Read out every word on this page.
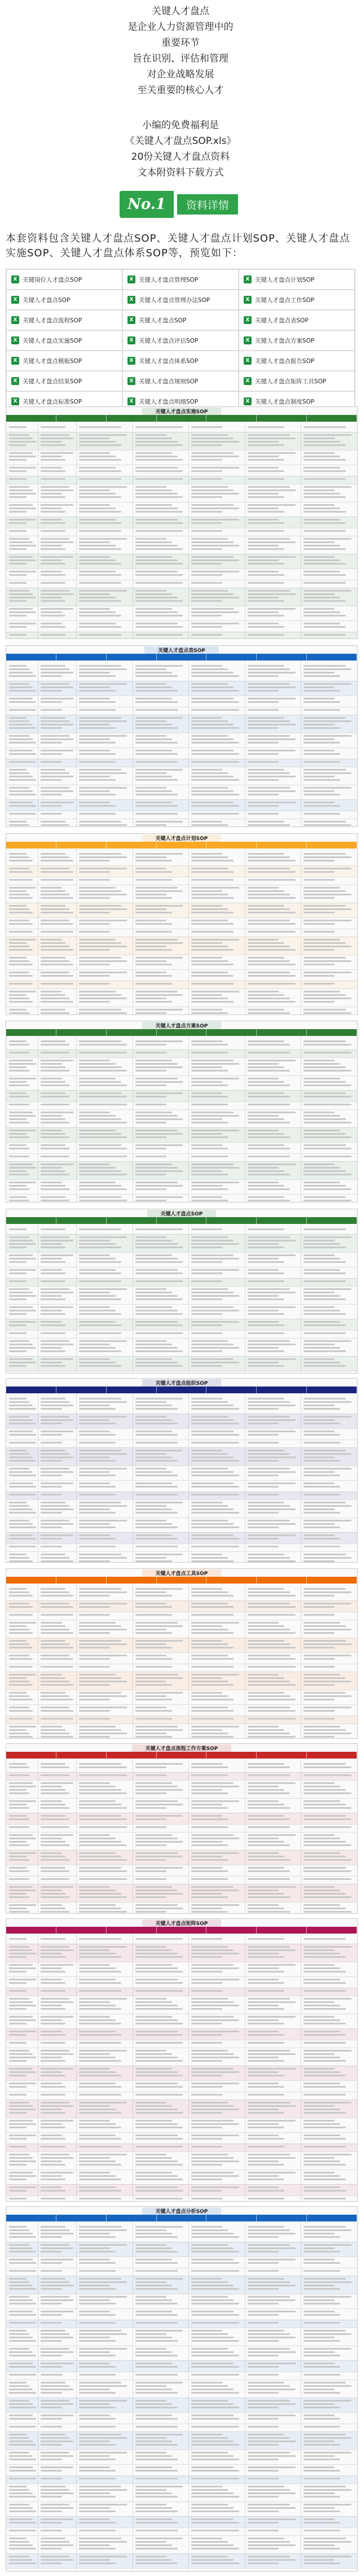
关键人才盘点

是企业人力资源管理中的

重要环节

旨在识别、评估和管理

对企业战略发展

至关重要的核心人才

小编的免费福利是

《关键人才盘点SOP.xls》

20份关键人才盘点资料

文本附资料下载方式

No.1	资料详情
本套资料包含关键人才盘点SOP、关键人才盘点计划SOP、关键人才盘点实施SOP、关键人才盘点体系SOP等，预览如下：
X 关键岗位人才盘点SOP	X 关键人才盘点管理SOP	X 关键人才盘点计划SOP
X 关键人才盘点SOP	X 关键人才盘点管理办法SOP	X 关键人才盘点工作SOP
X 关键人才盘点流程SOP	X 关键人才盘点SOP	X 关键人才盘点表SOP
X 关键人才盘点实施SOP	X 关键人才盘点评估SOP	X 关键人才盘点方案SOP
X 关键人才盘点模板SOP	X 关键人才盘点体系SOP	X 关键人才盘点报告SOP
X 关键人才盘点结果SOP	X 关键人才盘点规则SOP	X 关键人才盘点矩阵工具SOP
X 关键人才盘点标准SOP	X 关键人才盘点明细SOP	X 关键人才盘点制度SOP
关键人才盘点实施SOP
关键人才盘点表SOP
关键人才盘点计划SOP
关键人才盘点方案SOP
关键人才盘点SOP
关键人才盘点组织SOP
关键人才盘点工具SOP
关键人才盘点流程工作方案SOP
关键人才盘点矩阵SOP
关键人才盘点分析SOP
